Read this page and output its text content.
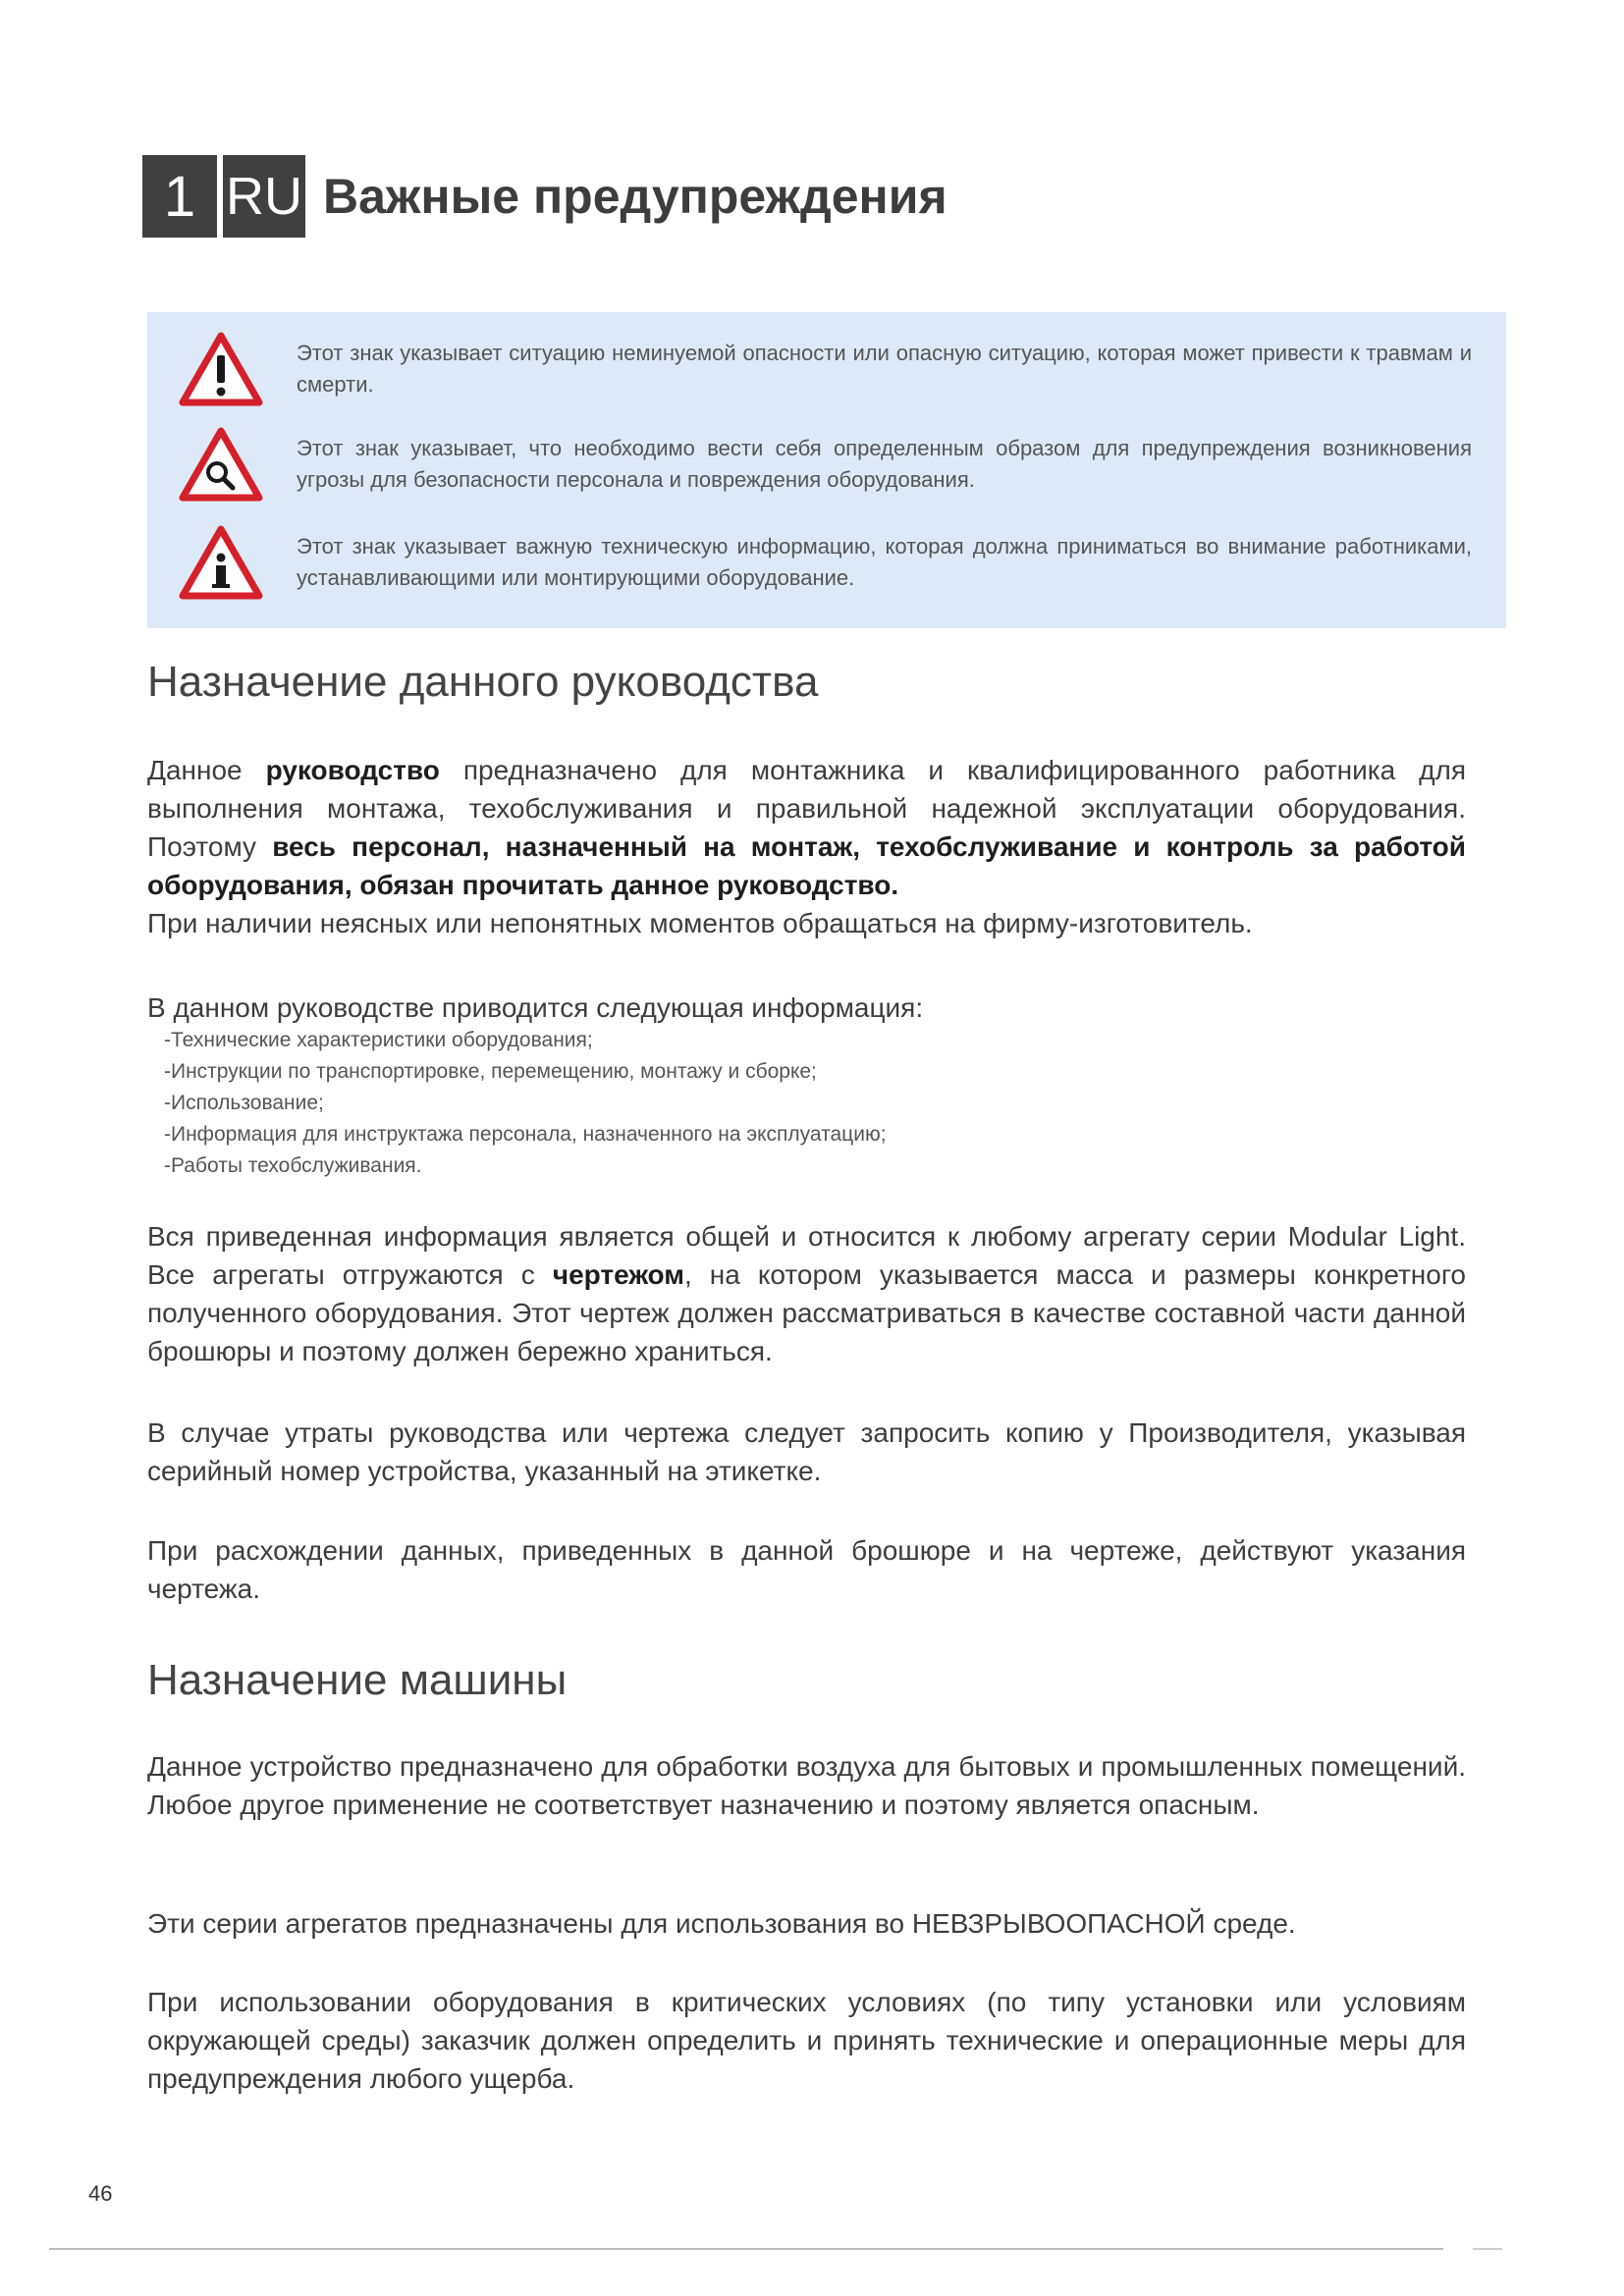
1 RU Важные предупреждения
Этот знак указывает ситуацию неминуемой опасности или опасную ситуацию, которая может привести к травмам и смерти.
Этот знак указывает, что необходимо вести себя определенным образом для предупреждения возникновения угрозы для безопасности персонала и повреждения оборудования.
Этот знак указывает важную техническую информацию, которая должна приниматься во внимание работниками, устанавливающими или монтирующими оборудование.
Назначение данного руководства

Данное руководство предназначено для монтажника и квалифицированного работника для выполнения монтажа, техобслуживания и правильной надежной эксплуатации оборудования. Поэтому весь персонал, назначенный на монтаж, техобслуживание и контроль за работой оборудования, обязан прочитать данное руководство.
При наличии неясных или непонятных моментов обращаться на фирму-изготовитель.

В данном руководстве приводится следующая информация:

-Технические характеристики оборудования;
-Инструкции по транспортировке, перемещению, монтажу и сборке;
-Использование;
-Информация для инструктажа персонала, назначенного на эксплуатацию;
-Работы техобслуживания.

Вся приведенная информация является общей и относится к любому агрегату серии Modular Light. Все агрегаты отгружаются с чертежом, на котором указывается масса и размеры конкретного полученного оборудования. Этот чертеж должен рассматриваться в качестве составной части данной брошюры и поэтому должен бережно храниться.

В случае утраты руководства или чертежа следует запросить копию у Производителя, указывая серийный номер устройства, указанный на этикетке.

При расхождении данных, приведенных в данной брошюре и на чертеже, действуют указания чертежа.

Назначение машины

Данное устройство предназначено для обработки воздуха для бытовых и промышленных помещений. Любое другое применение не соответствует назначению и поэтому является опасным.

Эти серии агрегатов предназначены для использования во НЕВЗРЫВООПАСНОЙ среде.

При использовании оборудования в критических условиях (по типу установки или условиям окружающей среды) заказчик должен определить и принять технические и операционные меры для предупреждения любого ущерба.

46
